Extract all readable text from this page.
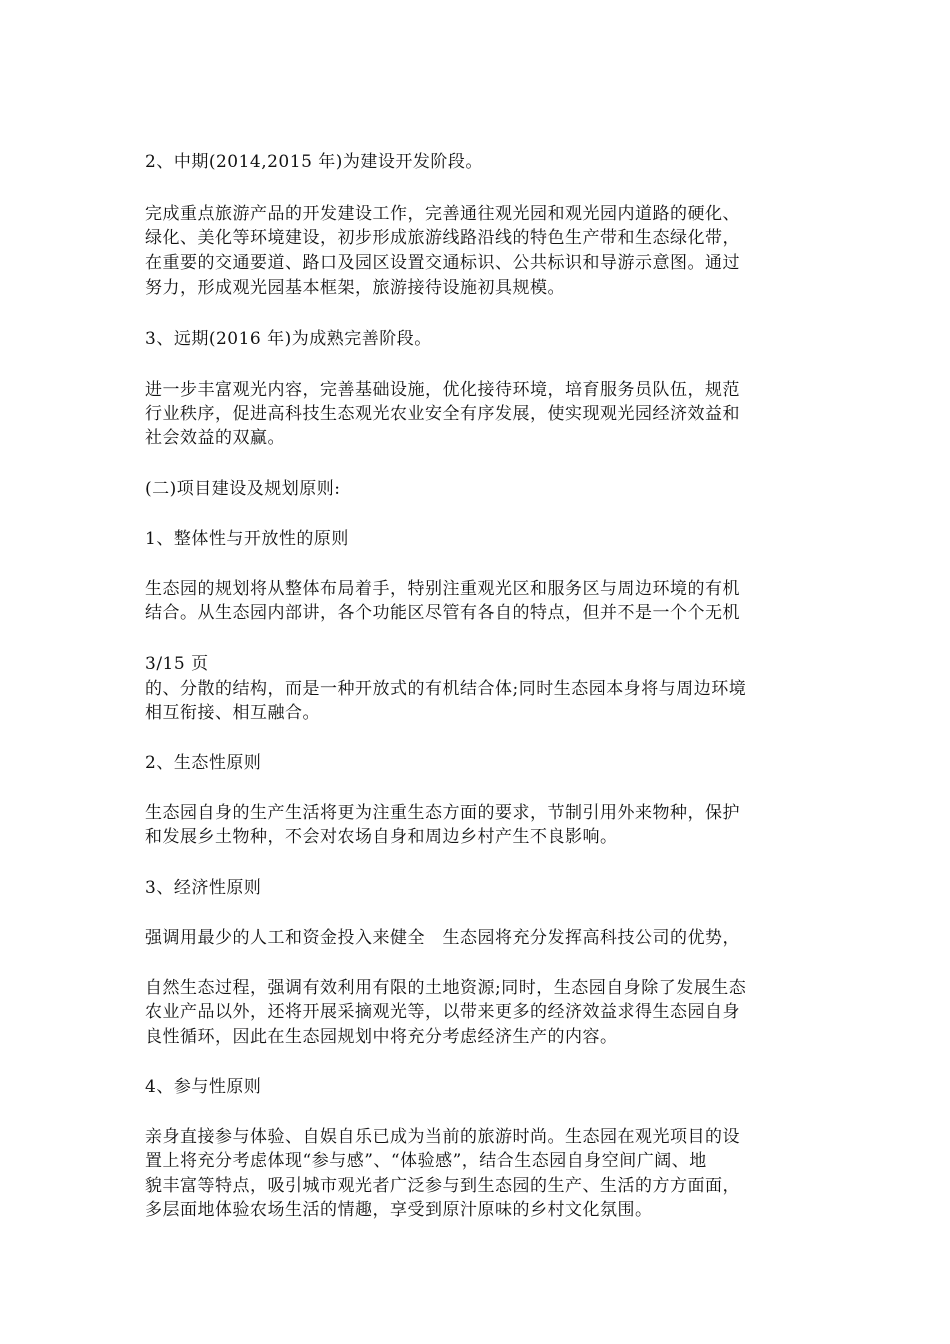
2、中期(2014,2015 年)为建设开发阶段。
完成重点旅游产品的开发建设工作，完善通往观光园和观光园内道路的硬化、
绿化、美化等环境建设，初步形成旅游线路沿线的特色生产带和生态绿化带，
在重要的交通要道、路口及园区设置交通标识、公共标识和导游示意图。通过
努力，形成观光园基本框架，旅游接待设施初具规模。
3、远期(2016 年)为成熟完善阶段。
进一步丰富观光内容，完善基础设施，优化接待环境，培育服务员队伍，规范
行业秩序，促进高科技生态观光农业安全有序发展，使实现观光园经济效益和
社会效益的双赢。
(二)项目建设及规划原则:
1、整体性与开放性的原则
生态园的规划将从整体布局着手，特别注重观光区和服务区与周边环境的有机
结合。从生态园内部讲，各个功能区尽管有各自的特点，但并不是一个个无机
3/15 页
的、分散的结构，而是一种开放式的有机结合体;同时生态园本身将与周边环境
相互衔接、相互融合。
2、生态性原则
生态园自身的生产生活将更为注重生态方面的要求，节制引用外来物种，保护
和发展乡土物种，不会对农场自身和周边乡村产生不良影响。
3、经济性原则
强调用最少的人工和资金投入来健全　生态园将充分发挥高科技公司的优势，
自然生态过程，强调有效利用有限的土地资源;同时，生态园自身除了发展生态
农业产品以外，还将开展采摘观光等，以带来更多的经济效益求得生态园自身
良性循环，因此在生态园规划中将充分考虑经济生产的内容。
4、参与性原则
亲身直接参与体验、自娱自乐已成为当前的旅游时尚。生态园在观光项目的设
置上将充分考虑体现“参与感”、“体验感”，结合生态园自身空间广阔、地
貌丰富等特点，吸引城市观光者广泛参与到生态园的生产、生活的方方面面，
多层面地体验农场生活的情趣，享受到原汁原味的乡村文化氛围。
